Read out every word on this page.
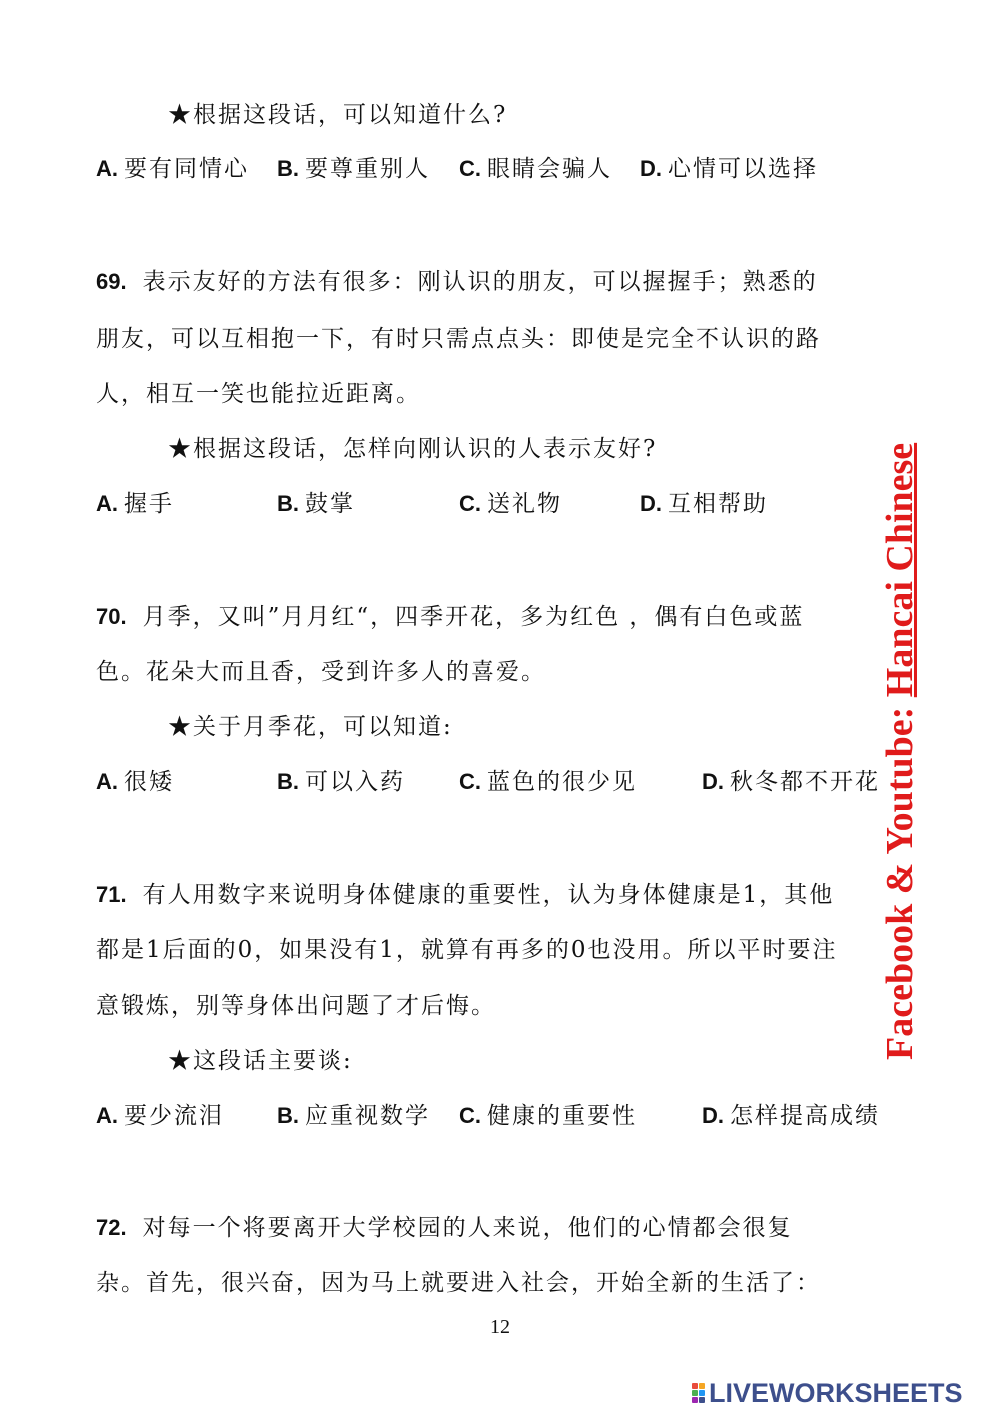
★根据这段话，可以知道什么?
A. 要有同情心 B. 要尊重别人 C. 眼睛会骗人 D. 心情可以选择
69. 表示友好的方法有很多：刚认识的朋友，可以握握手；熟悉的
朋友，可以互相抱一下，有时只需点点头：即使是完全不认识的路
人，相互一笑也能拉近距离。
★根据这段话，怎样向刚认识的人表示友好?
A. 握手	B. 鼓掌	C. 送礼物	D. 互相帮助
70. 月季，又叫”月月红“，四季开花，多为红色 ，偶有白色或蓝
色。花朵大而且香，受到许多人的喜爱。
★关于月季花，可以知道:
A. 很矮	B. 可以入药 C. 蓝色的很少见	D. 秋冬都不开花
71. 有人用数字来说明身体健康的重要性，认为身体健康是1，其他
都是1后面的0，如果没有1，就算有再多的0也没用。所以平时要注
意锻炼，别等身体出问题了才后悔。
★这段话主要谈:
A. 要少流泪 B. 应重视数学 C. 健康的重要性	D. 怎样提高成绩
72. 对每一个将要离开大学校园的人来说，他们的心情都会很复
杂。首先，很兴奋，因为马上就要进入社会，开始全新的生活了：
12
Facebook & Youtube: Hancai Chinese
LIVEWORKSHEETS
